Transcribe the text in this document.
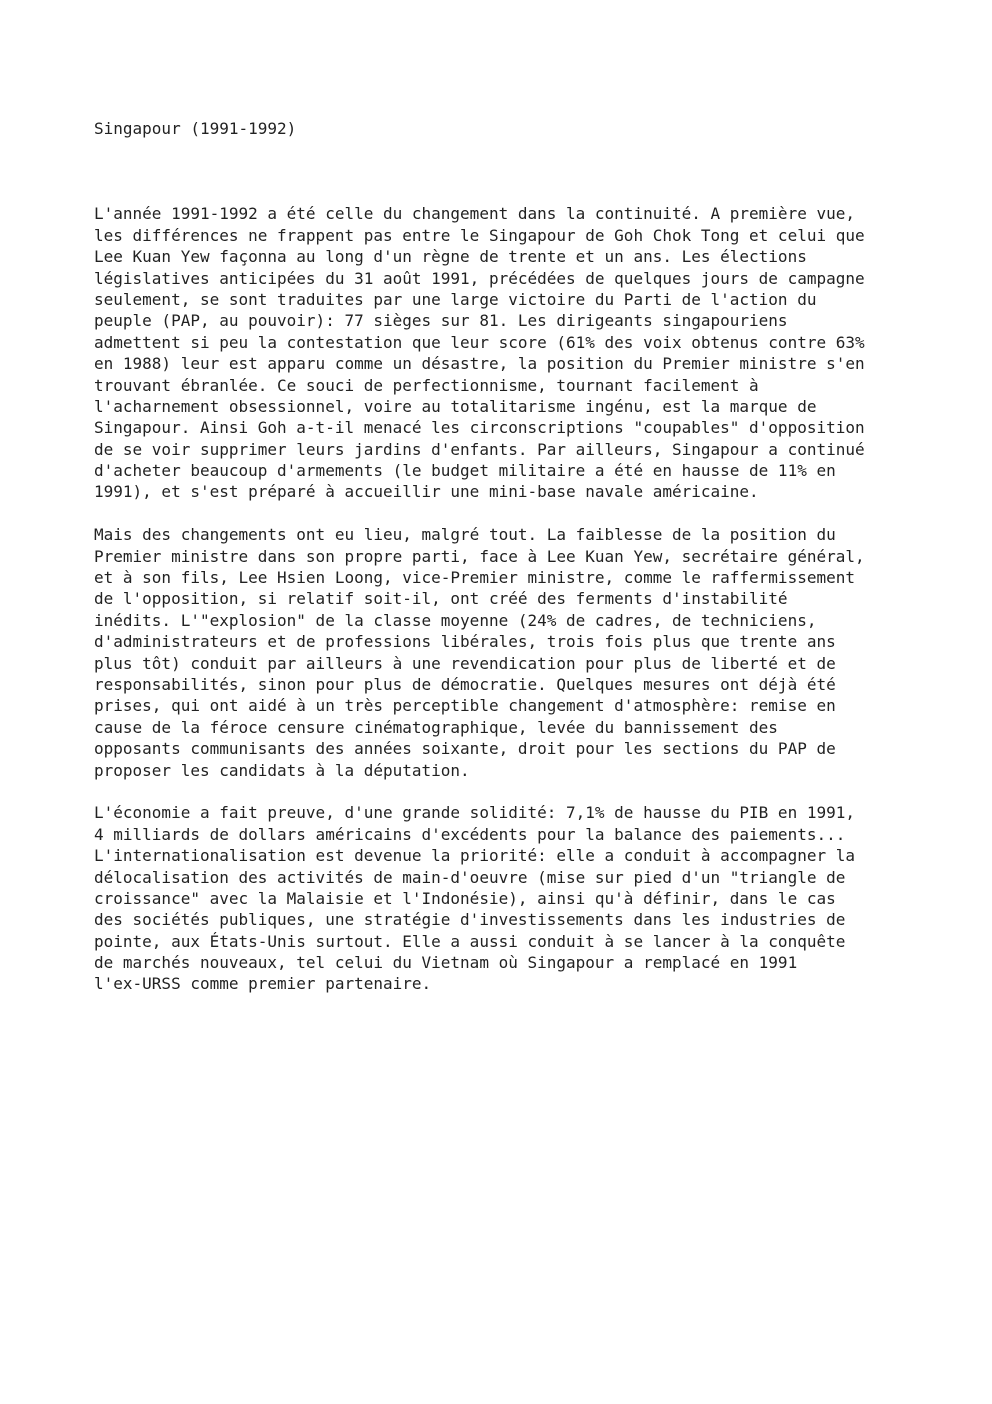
Singapour (1991-1992)
L'année 1991-1992 a été celle du changement dans la continuité. A première vue,
les différences ne frappent pas entre le Singapour de Goh Chok Tong et celui que
Lee Kuan Yew façonna au long d'un règne de trente et un ans. Les élections
législatives anticipées du 31 août 1991, précédées de quelques jours de campagne
seulement, se sont traduites par une large victoire du Parti de l'action du
peuple (PAP, au pouvoir): 77 sièges sur 81. Les dirigeants singapouriens
admettent si peu la contestation que leur score (61% des voix obtenus contre 63%
en 1988) leur est apparu comme un désastre, la position du Premier ministre s'en
trouvant ébranlée. Ce souci de perfectionnisme, tournant facilement à
l'acharnement obsessionnel, voire au totalitarisme ingénu, est la marque de
Singapour. Ainsi Goh a-t-il menacé les circonscriptions "coupables" d'opposition
de se voir supprimer leurs jardins d'enfants. Par ailleurs, Singapour a continué
d'acheter beaucoup d'armements (le budget militaire a été en hausse de 11% en
1991), et s'est préparé à accueillir une mini-base navale américaine.
Mais des changements ont eu lieu, malgré tout. La faiblesse de la position du
Premier ministre dans son propre parti, face à Lee Kuan Yew, secrétaire général,
et à son fils, Lee Hsien Loong, vice-Premier ministre, comme le raffermissement
de l'opposition, si relatif soit-il, ont créé des ferments d'instabilité
inédits. L'"explosion" de la classe moyenne (24% de cadres, de techniciens,
d'administrateurs et de professions libérales, trois fois plus que trente ans
plus tôt) conduit par ailleurs à une revendication pour plus de liberté et de
responsabilités, sinon pour plus de démocratie. Quelques mesures ont déjà été
prises, qui ont aidé à un très perceptible changement d'atmosphère: remise en
cause de la féroce censure cinématographique, levée du bannissement des
opposants communisants des années soixante, droit pour les sections du PAP de
proposer les candidats à la députation.
L'économie a fait preuve, d'une grande solidité: 7,1% de hausse du PIB en 1991,
4 milliards de dollars américains d'excédents pour la balance des paiements...
L'internationalisation est devenue la priorité: elle a conduit à accompagner la
délocalisation des activités de main-d'oeuvre (mise sur pied d'un "triangle de
croissance" avec la Malaisie et l'Indonésie), ainsi qu'à définir, dans le cas
des sociétés publiques, une stratégie d'investissements dans les industries de
pointe, aux États-Unis surtout. Elle a aussi conduit à se lancer à la conquête
de marchés nouveaux, tel celui du Vietnam où Singapour a remplacé en 1991
l'ex-URSS comme premier partenaire.
